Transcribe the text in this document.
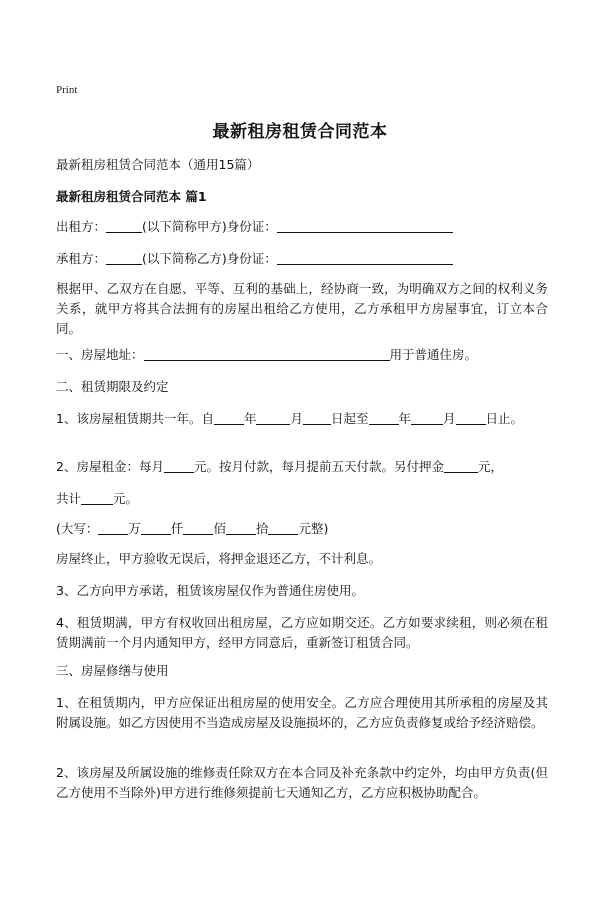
Print
最新租房租赁合同范本
最新租房租赁合同范本（通用15篇）
最新租房租赁合同范本 篇1

出租方：	(以下简称甲方)身份证：

承租方：	(以下简称乙方)身份证：

根据甲、乙双方在自愿、平等、互利的基础上，经协商一致，为明确双方之间的权利义务关系，就甲方将其合法拥有的房屋出租给乙方使用，乙方承租甲方房屋事宜，订立本合同。

一、房屋地址：	用于普通住房。

二、租赁期限及约定

1、该房屋租赁期共一年。自 年	月 日起至 年	月 日止。

2、房屋租金：每月 元。按月付款，每月提前五天付款。另付押金	元，

共计	元。

(大写： 万 仟 佰 拾 元整)

房屋终止，甲方验收无误后，将押金退还乙方，不计利息。

3、乙方向甲方承诺，租赁该房屋仅作为普通住房使用。

4、租赁期满，甲方有权收回出租房屋，乙方应如期交还。乙方如要求续租，则必须在租赁期满前一个月内通知甲方，经甲方同意后，重新签订租赁合同。

三、房屋修缮与使用

1、在租赁期内，甲方应保证出租房屋的使用安全。乙方应合理使用其所承租的房屋及其附属设施。如乙方因使用不当造成房屋及设施损坏的，乙方应负责修复或给予经济赔偿。

2、该房屋及所属设施的维修责任除双方在本合同及补充条款中约定外，均由甲方负责(但乙方使用不当除外)甲方进行维修须提前七天通知乙方，乙方应积极协助配合。
